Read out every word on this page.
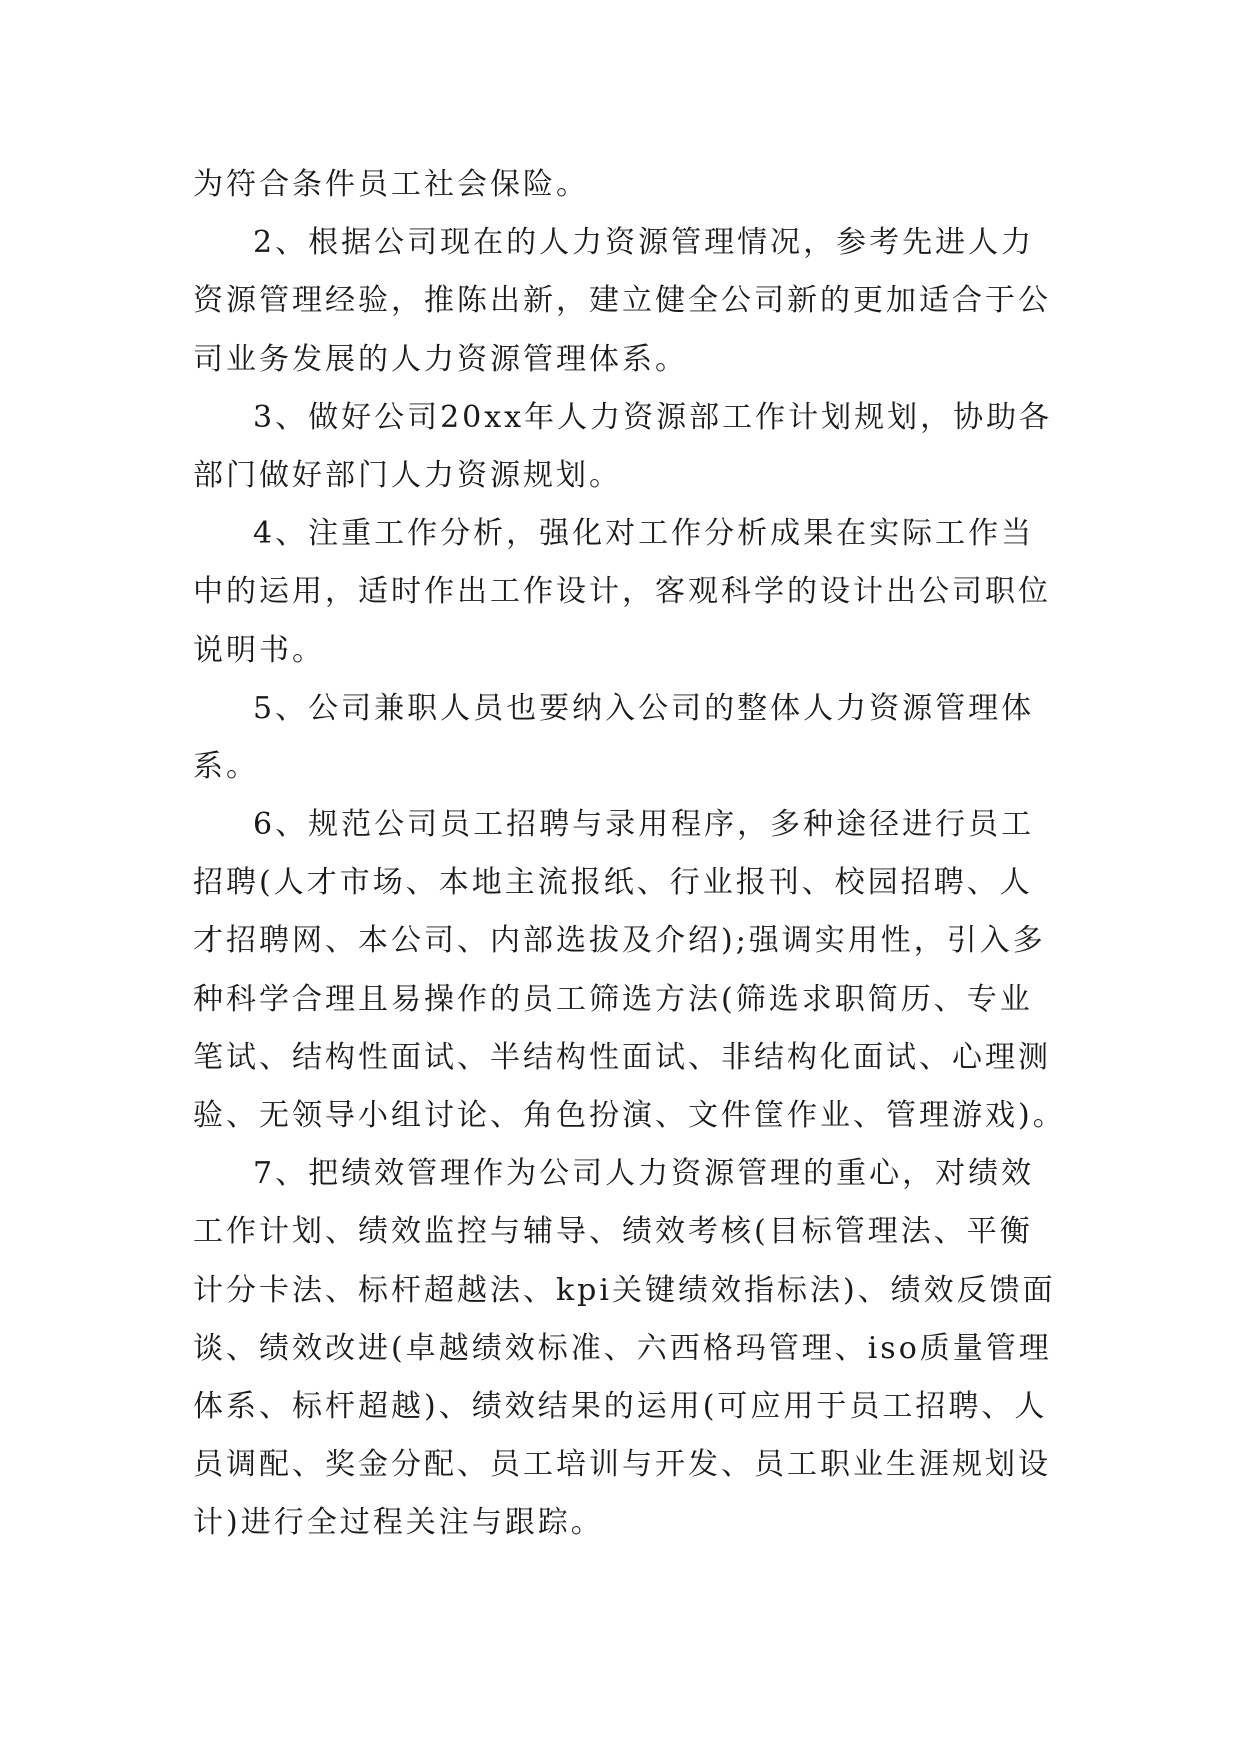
为符合条件员工社会保险。
2、根据公司现在的人力资源管理情况，参考先进人力
资源管理经验，推陈出新，建立健全公司新的更加适合于公
司业务发展的人力资源管理体系。
3、做好公司20xx年人力资源部工作计划规划，协助各
部门做好部门人力资源规划。
4、注重工作分析，强化对工作分析成果在实际工作当
中的运用，适时作出工作设计，客观科学的设计出公司职位
说明书。
5、公司兼职人员也要纳入公司的整体人力资源管理体
系。
6、规范公司员工招聘与录用程序，多种途径进行员工
招聘(人才市场、本地主流报纸、行业报刊、校园招聘、人
才招聘网、本公司、内部选拔及介绍);强调实用性，引入多
种科学合理且易操作的员工筛选方法(筛选求职简历、专业
笔试、结构性面试、半结构性面试、非结构化面试、心理测
验、无领导小组讨论、角色扮演、文件筐作业、管理游戏)。
7、把绩效管理作为公司人力资源管理的重心，对绩效
工作计划、绩效监控与辅导、绩效考核(目标管理法、平衡
计分卡法、标杆超越法、kpi关键绩效指标法)、绩效反馈面
谈、绩效改进(卓越绩效标准、六西格玛管理、iso质量管理
体系、标杆超越)、绩效结果的运用(可应用于员工招聘、人
员调配、奖金分配、员工培训与开发、员工职业生涯规划设
计)进行全过程关注与跟踪。
